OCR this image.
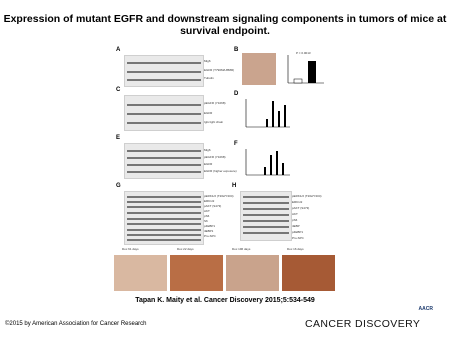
Expression of mutant EGFR and downstream signaling components in tumors of mice at
survival endpoint.
A
Mig6
EGFR (T790M/L858R)
Tubulin
B	P = 0.0013
C
pEGFR (Y1068)
EGFR
IgG light chain
D
E
Mig6
pEGFR (Y1068)
EGFR
EGFR (higher exposure)
F
G
pERK1/2 (T202/Y204)
ERK1/2
pAKT (S473)
AKT
pS6
S6
p4EBP1
4EBP1
Pro-SPC
H
pERK1/2 (T202/Y204)
ERK1/2
pAKT (S473)
AKT
pS6
4EBP
p4EBP1
Pro-SPC
Dox 61 days	Dox 22 days	Dox 196 days	Dox 16 days
Tapan K. Maity et al. Cancer Discovery 2015;5:534-549
©2015 by American Association for Cancer Research
AACR
CANCER DISCOVERY
